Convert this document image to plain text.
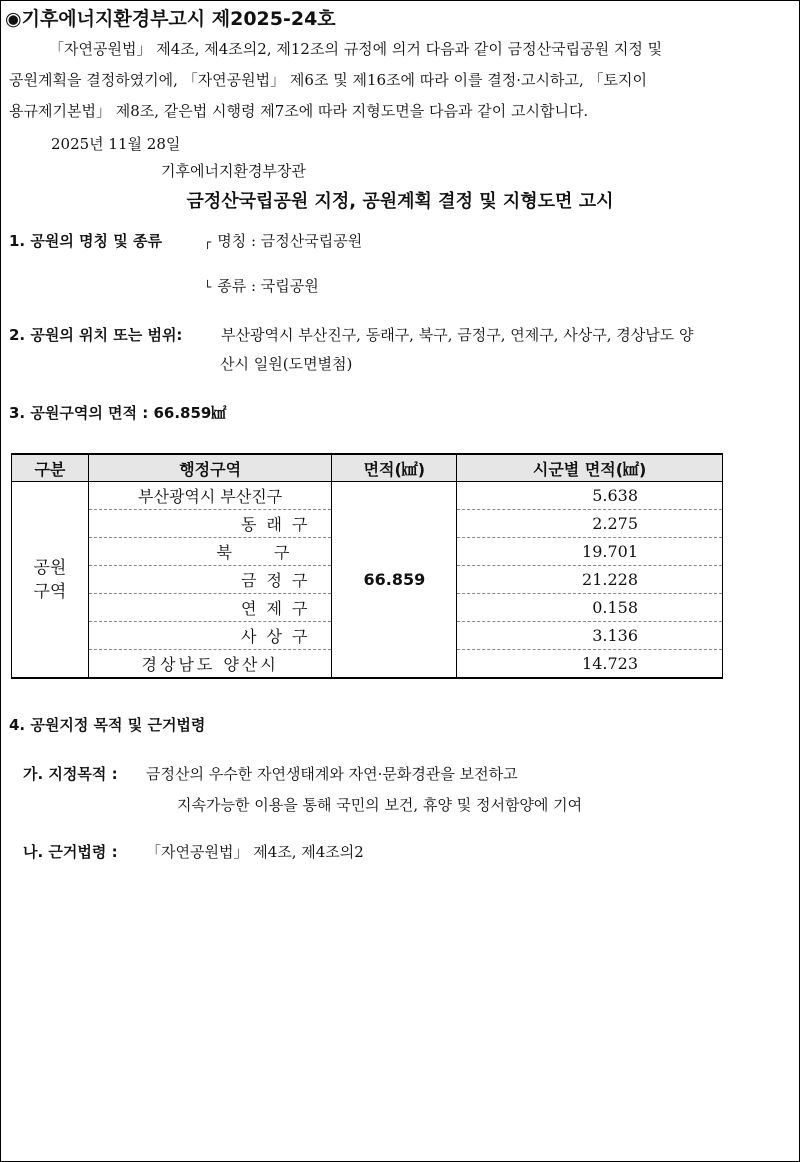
◉기후에너지환경부고시 제2025-24호
「자연공원법」 제4조, 제4조의2, 제12조의 규정에 의거 다음과 같이 금정산국립공원 지정 및
공원계획을 결정하였기에, 「자연공원법」 제6조 및 제16조에 따라 이를 결정·고시하고, 「토지이
용규제기본법」 제8조, 같은법 시행령 제7조에 따라 지형도면을 다음과 같이 고시합니다.
2025년 11월 28일
기후에너지환경부장관
금정산국립공원 지정, 공원계획 결정 및 지형도면 고시
1. 공원의 명칭 및 종류	┌ 명칭 : 금정산국립공원
└ 종류 : 국립공원
2. 공원의 위치 또는 범위:	부산광역시 부산진구, 동래구, 북구, 금정구, 연제구, 사상구, 경상남도 양
산시 일원(도면별첨)
3. 공원구역의 면적 : 66.859㎢
구분	행정구역	면적(㎢)	시군별 면적(㎢)
공원
구역	부산광역시 부산진구	66.859	5.638

	동래구		2.275

	북구		19.701

	금정구		21.228

	연제구		0.158

	사상구		3.136

	경상남도 양산시		14.723
4. 공원지정 목적 및 근거법령
가. 지정목적 : 금정산의 우수한 자연생태계와 자연·문화경관을 보전하고
지속가능한 이용을 통해 국민의 보건, 휴양 및 정서함양에 기여
나. 근거법령 : 「자연공원법」 제4조, 제4조의2
